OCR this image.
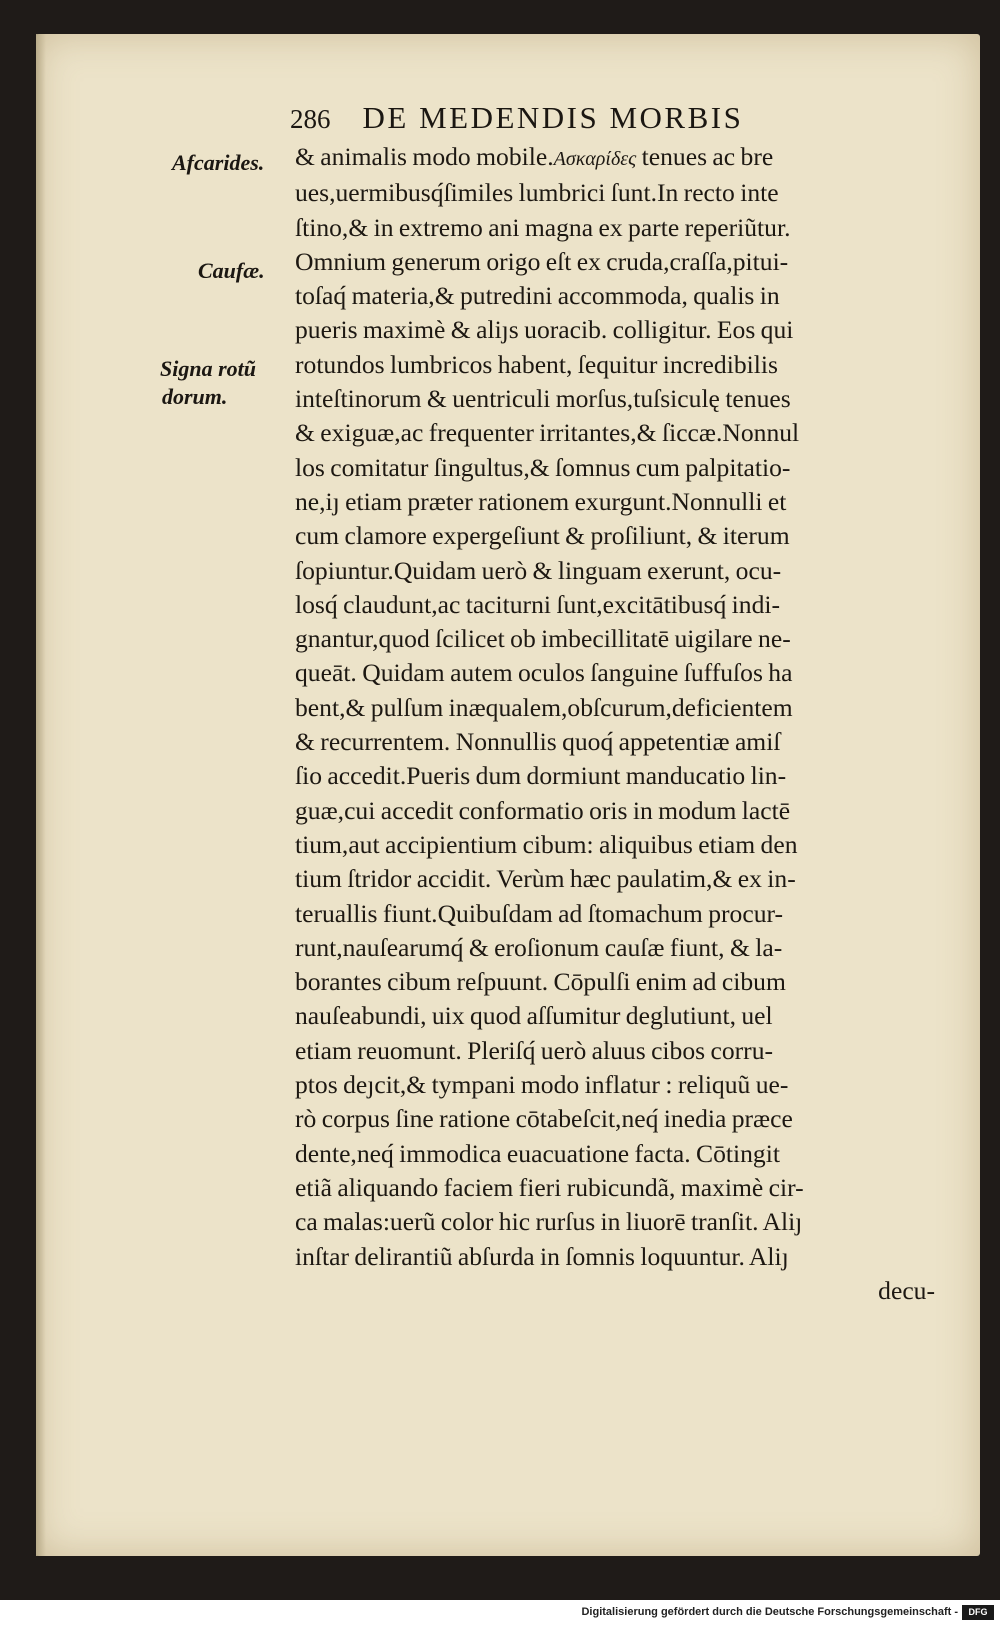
286 DE MEDENDIS MORBIS
Afcarides.
Caufæ.
Signa rotũ
dorum.
& animalis modo mobile.Ασκαρίδες tenues ac bre
ues,uermibusq́ſimiles lumbrici ſunt.In recto inte
ſtino,& in extremo ani magna ex parte reperiũtur.
Omnium generum origo eſt ex cruda,craſſa,pitui-
toſaq́ materia,& putredini accommoda, qualis in
pueris maximè & aliȷs uoracib. colligitur. Eos qui
rotundos lumbricos habent, ſequitur incredibilis
inteſtinorum & uentriculi morſus,tuſsiculę tenues
& exiguæ,ac frequenter irritantes,& ſiccæ.Nonnul
los comitatur ſingultus,& ſomnus cum palpitatio-
ne,iȷ etiam præter rationem exurgunt.Nonnulli et
cum clamore expergeſiunt & proſiliunt, & iterum
ſopiuntur.Quidam uerò & linguam exerunt, ocu-
losq́ claudunt,ac taciturni ſunt,excitātibusq́ indi-
gnantur,quod ſcilicet ob imbecillitatē uigilare ne-
queāt. Quidam autem oculos ſanguine ſuffuſos ha
bent,& pulſum inæqualem,obſcurum,deficientem
& recurrentem. Nonnullis quoq́ appetentiæ amiſ
ſio accedit.Pueris dum dormiunt manducatio lin-
guæ,cui accedit conformatio oris in modum lactē
tium,aut accipientium cibum: aliquibus etiam den
tium ſtridor accidit. Verùm hæc paulatim,& ex in-
teruallis fiunt.Quibuſdam ad ſtomachum procur-
runt,nauſearumq́ & eroſionum cauſæ fiunt, & la-
borantes cibum reſpuunt. Cōpulſi enim ad cibum
nauſeabundi, uix quod aſſumitur deglutiunt, uel
etiam reuomunt. Pleriſq́ uerò aluus cibos corru-
ptos deȷcit,& tympani modo inflatur : reliquũ ue-
rò corpus ſine ratione cōtabeſcit,neq́ inedia præce
dente,neq́ immodica euacuatione facta. Cōtingit
etiã aliquando faciem fieri rubicundã, maximè cir-
ca malas:uerũ color hic rurſus in liuorē tranſit. Aliȷ
inſtar delirantiũ abſurda in ſomnis loquuntur. Aliȷ
decu-
Digitalisierung gefördert durch die Deutsche Forschungsgemeinschaft -	DFG
